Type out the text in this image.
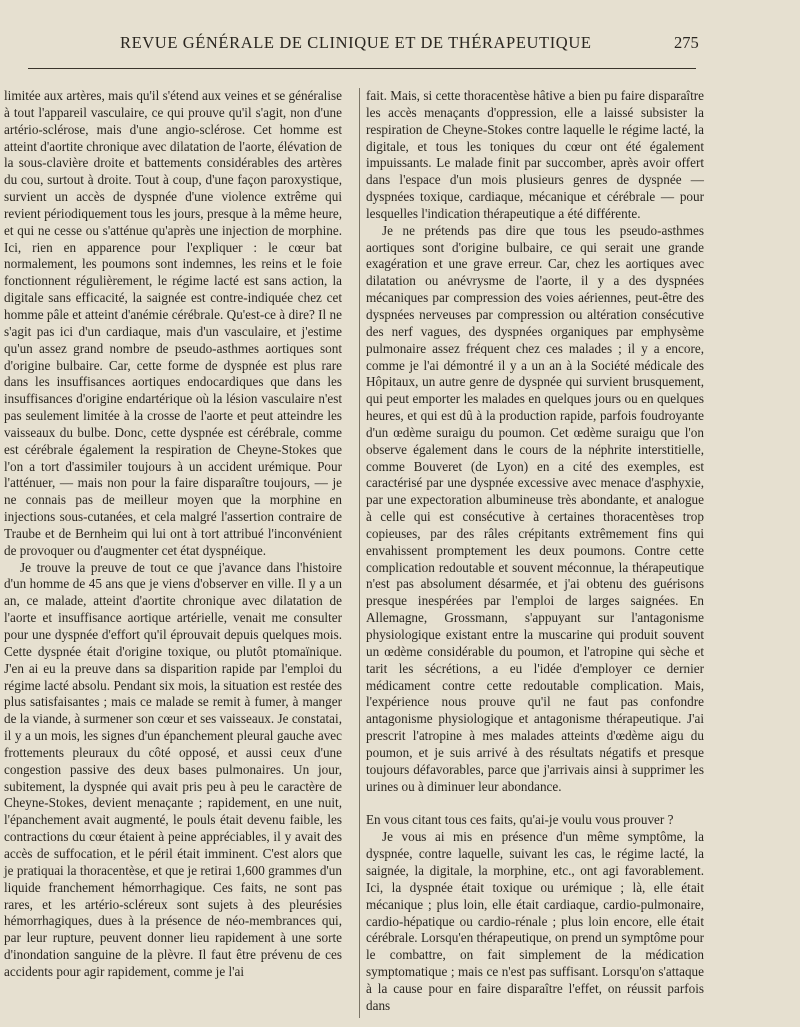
REVUE GÉNÉRALE DE CLINIQUE ET DE THÉRAPEUTIQUE	275

limitée aux artères, mais qu'il s'étend aux veines et se généralise à tout l'appareil vasculaire, ce qui prouve qu'il s'agit, non d'une artério-sclérose, mais d'une angio-sclérose. Cet homme est atteint d'aortite chronique avec dilatation de l'aorte, élévation de la sous-clavière droite et battements considérables des artères du cou, surtout à droite. Tout à coup, d'une façon paroxystique, survient un accès de dyspnée d'une violence extrême qui revient périodiquement tous les jours, presque à la même heure, et qui ne cesse ou s'atténue qu'après une injection de morphine. Ici, rien en apparence pour l'expliquer : le cœur bat normalement, les poumons sont indemnes, les reins et le foie fonctionnent régulièrement, le régime lacté est sans action, la digitale sans efficacité, la saignée est contre-indiquée chez cet homme pâle et atteint d'anémie cérébrale. Qu'est-ce à dire? Il ne s'agit pas ici d'un cardiaque, mais d'un vasculaire, et j'estime qu'un assez grand nombre de pseudo-asthmes aortiques sont d'origine bulbaire. Car, cette forme de dyspnée est plus rare dans les insuffisances aortiques endocardiques que dans les insuffisances d'origine endartérique où la lésion vasculaire n'est pas seulement limitée à la crosse de l'aorte et peut atteindre les vaisseaux du bulbe. Donc, cette dyspnée est cérébrale, comme est cérébrale également la respiration de Cheyne-Stokes que l'on a tort d'assimiler toujours à un accident urémique. Pour l'atténuer, — mais non pour la faire disparaître toujours, — je ne connais pas de meilleur moyen que la morphine en injections sous-cutanées, et cela malgré l'assertion contraire de Traube et de Bernheim qui lui ont à tort attribué l'inconvénient de provoquer ou d'augmenter cet état dyspnéique.

Je trouve la preuve de tout ce que j'avance dans l'histoire d'un homme de 45 ans que je viens d'observer en ville. Il y a un an, ce malade, atteint d'aortite chronique avec dilatation de l'aorte et insuffisance aortique artérielle, venait me consulter pour une dyspnée d'effort qu'il éprouvait depuis quelques mois. Cette dyspnée était d'origine toxique, ou plutôt ptomaïnique. J'en ai eu la preuve dans sa disparition rapide par l'emploi du régime lacté absolu. Pendant six mois, la situation est restée des plus satisfaisantes ; mais ce malade se remit à fumer, à manger de la viande, à surmener son cœur et ses vaisseaux. Je constatai, il y a un mois, les signes d'un épanchement pleural gauche avec frottements pleuraux du côté opposé, et aussi ceux d'une congestion passive des deux bases pulmonaires. Un jour, subitement, la dyspnée qui avait pris peu à peu le caractère de Cheyne-Stokes, devient menaçante ; rapidement, en une nuit, l'épanchement avait augmenté, le pouls était devenu faible, les contractions du cœur étaient à peine appréciables, il y avait des accès de suffocation, et le péril était imminent. C'est alors que je pratiquai la thoracentèse, et que je retirai 1,600 grammes d'un liquide franchement hémorrhagique. Ces faits, ne sont pas rares, et les artério-scléreux sont sujets à des pleurésies hémorrhagiques, dues à la présence de néo-membrances qui, par leur rupture, peuvent donner lieu rapidement à une sorte d'inondation sanguine de la plèvre. Il faut être prévenu de ces accidents pour agir rapidement, comme je l'ai

fait. Mais, si cette thoracentèse hâtive a bien pu faire disparaître les accès menaçants d'oppression, elle a laissé subsister la respiration de Cheyne-Stokes contre laquelle le régime lacté, la digitale, et tous les toniques du cœur ont été également impuissants. Le malade finit par succomber, après avoir offert dans l'espace d'un mois plusieurs genres de dyspnée — dyspnées toxique, cardiaque, mécanique et cérébrale — pour lesquelles l'indication thérapeutique a été différente.

Je ne prétends pas dire que tous les pseudo-asthmes aortiques sont d'origine bulbaire, ce qui serait une grande exagération et une grave erreur. Car, chez les aortiques avec dilatation ou anévrysme de l'aorte, il y a des dyspnées mécaniques par compression des voies aériennes, peut-être des dyspnées nerveuses par compression ou altération consécutive des nerf vagues, des dyspnées organiques par emphysème pulmonaire assez fréquent chez ces malades ; il y a encore, comme je l'ai démontré il y a un an à la Société médicale des Hôpitaux, un autre genre de dyspnée qui survient brusquement, qui peut emporter les malades en quelques jours ou en quelques heures, et qui est dû à la production rapide, parfois foudroyante d'un œdème suraigu du poumon. Cet œdème suraigu que l'on observe également dans le cours de la néphrite interstitielle, comme Bouveret (de Lyon) en a cité des exemples, est caractérisé par une dyspnée excessive avec menace d'asphyxie, par une expectoration albumineuse très abondante, et analogue à celle qui est consécutive à certaines thoracentèses trop copieuses, par des râles crépitants extrêmement fins qui envahissent promptement les deux poumons. Contre cette complication redoutable et souvent méconnue, la thérapeutique n'est pas absolument désarmée, et j'ai obtenu des guérisons presque inespérées par l'emploi de larges saignées. En Allemagne, Grossmann, s'appuyant sur l'antagonisme physiologique existant entre la muscarine qui produit souvent un œdème considérable du poumon, et l'atropine qui sèche et tarit les sécrétions, a eu l'idée d'employer ce dernier médicament contre cette redoutable complication. Mais, l'expérience nous prouve qu'il ne faut pas confondre antagonisme physiologique et antagonisme thérapeutique. J'ai prescrit l'atropine à mes malades atteints d'œdème aigu du poumon, et je suis arrivé à des résultats négatifs et presque toujours défavorables, parce que j'arrivais ainsi à supprimer les urines ou à diminuer leur abondance.

En vous citant tous ces faits, qu'ai-je voulu vous prouver ?

Je vous ai mis en présence d'un même symptôme, la dyspnée, contre laquelle, suivant les cas, le régime lacté, la saignée, la digitale, la morphine, etc., ont agi favorablement. Ici, la dyspnée était toxique ou urémique ; là, elle était mécanique ; plus loin, elle était cardiaque, cardio-pulmonaire, cardio-hépatique ou cardio-rénale ; plus loin encore, elle était cérébrale. Lorsqu'en thérapeutique, on prend un symptôme pour le combattre, on fait simplement de la médication symptomatique ; mais ce n'est pas suffisant. Lorsqu'on s'attaque à la cause pour en faire disparaître l'effet, on réussit parfois dans
